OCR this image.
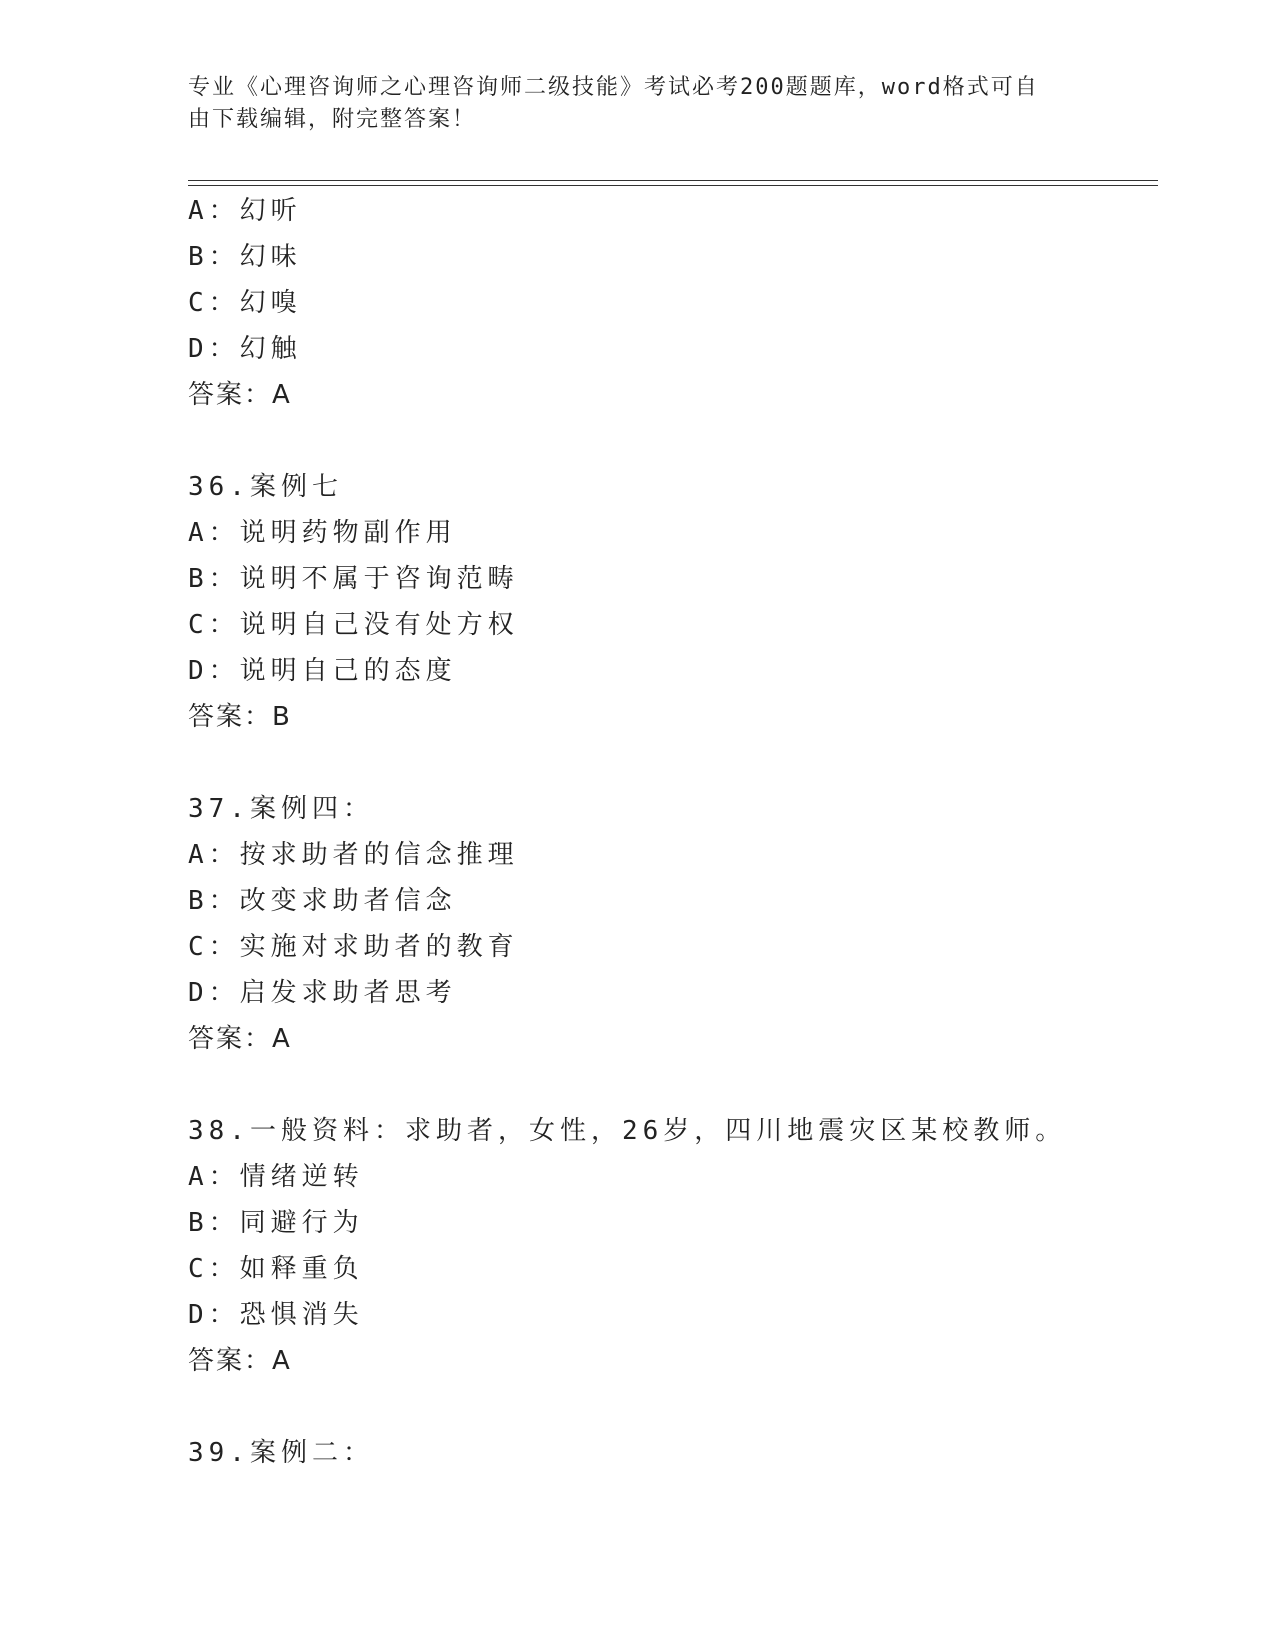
专业《心理咨询师之心理咨询师二级技能》考试必考200题题库，word格式可自
由下载编辑，附完整答案！
A：幻听
B：幻味
C：幻嗅
D：幻触
答案：A
36.案例七
A：说明药物副作用
B：说明不属于咨询范畴
C：说明自己没有处方权
D：说明自己的态度
答案：B
37.案例四：
A：按求助者的信念推理
B：改变求助者信念
C：实施对求助者的教育
D：启发求助者思考
答案：A
38.一般资料：求助者，女性，26岁，四川地震灾区某校教师。
A：情绪逆转
B：同避行为
C：如释重负
D：恐惧消失
答案：A
39.案例二：
